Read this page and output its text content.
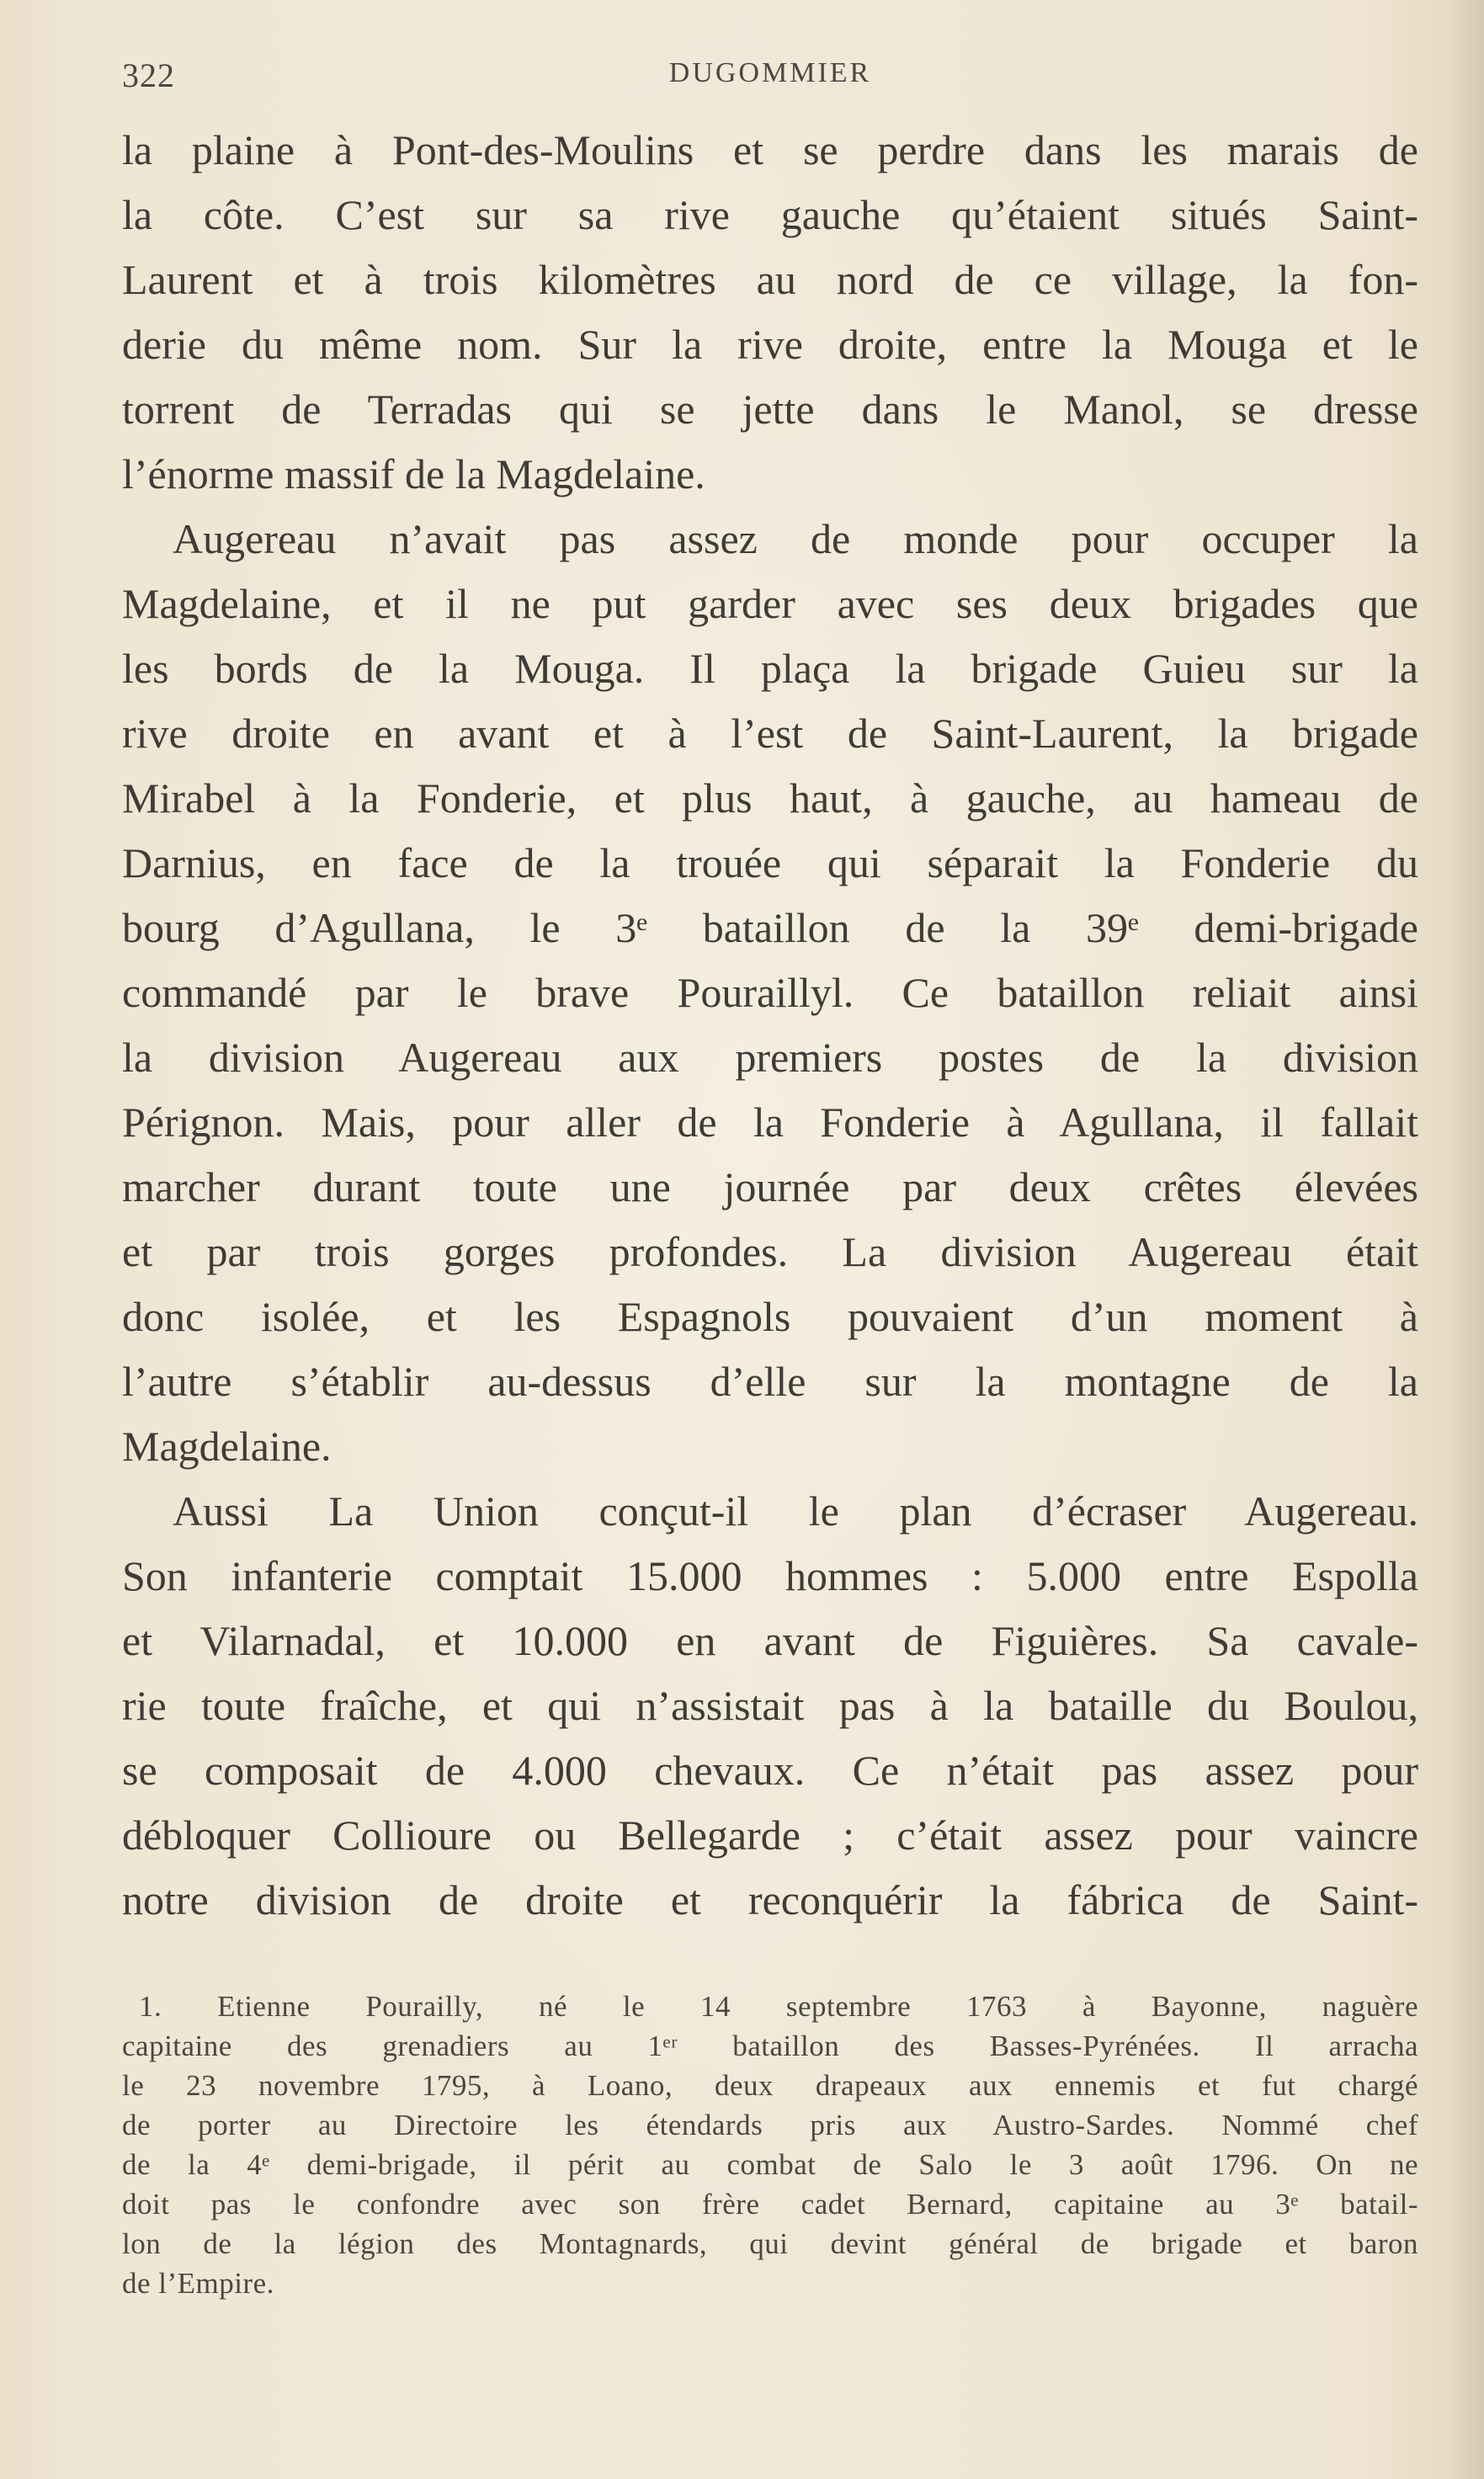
322	DUGOMMIER
la plaine à Pont-des-Moulins et se perdre dans les marais de
la côte. C’est sur sa rive gauche qu’étaient situés Saint-
Laurent et à trois kilomètres au nord de ce village, la fon-
derie du même nom. Sur la rive droite, entre la Mouga et le
torrent de Terradas qui se jette dans le Manol, se dresse
l’énorme massif de la Magdelaine.
Augereau n’avait pas assez de monde pour occuper la
Magdelaine, et il ne put garder avec ses deux brigades que
les bords de la Mouga. Il plaça la brigade Guieu sur la
rive droite en avant et à l’est de Saint-Laurent, la brigade
Mirabel à la Fonderie, et plus haut, à gauche, au hameau de
Darnius, en face de la trouée qui séparait la Fonderie du
bourg d’Agullana, le 3ᵉ bataillon de la 39ᵉ demi-brigade
commandé par le brave Pouraillyl. Ce bataillon reliait ainsi
la division Augereau aux premiers postes de la division
Pérignon. Mais, pour aller de la Fonderie à Agullana, il fallait
marcher durant toute une journée par deux crêtes élevées
et par trois gorges profondes. La division Augereau était
donc isolée, et les Espagnols pouvaient d’un moment à
l’autre s’établir au-dessus d’elle sur la montagne de la
Magdelaine.
Aussi La Union conçut-il le plan d’écraser Augereau.
Son infanterie comptait 15.000 hommes : 5.000 entre Espolla
et Vilarnadal, et 10.000 en avant de Figuières. Sa cavale-
rie toute fraîche, et qui n’assistait pas à la bataille du Boulou,
se composait de 4.000 chevaux. Ce n’était pas assez pour
débloquer Collioure ou Bellegarde ; c’était assez pour vaincre
notre division de droite et reconquérir la fábrica de Saint-
1. Etienne Pourailly, né le 14 septembre 1763 à Bayonne, naguère
capitaine des grenadiers au 1ᵉʳ bataillon des Basses-Pyrénées. Il arracha
le 23 novembre 1795, à Loano, deux drapeaux aux ennemis et fut chargé
de porter au Directoire les étendards pris aux Austro-Sardes. Nommé chef
de la 4ᵉ demi-brigade, il périt au combat de Salo le 3 août 1796. On ne
doit pas le confondre avec son frère cadet Bernard, capitaine au 3ᵉ batail-
lon de la légion des Montagnards, qui devint général de brigade et baron
de l’Empire.
